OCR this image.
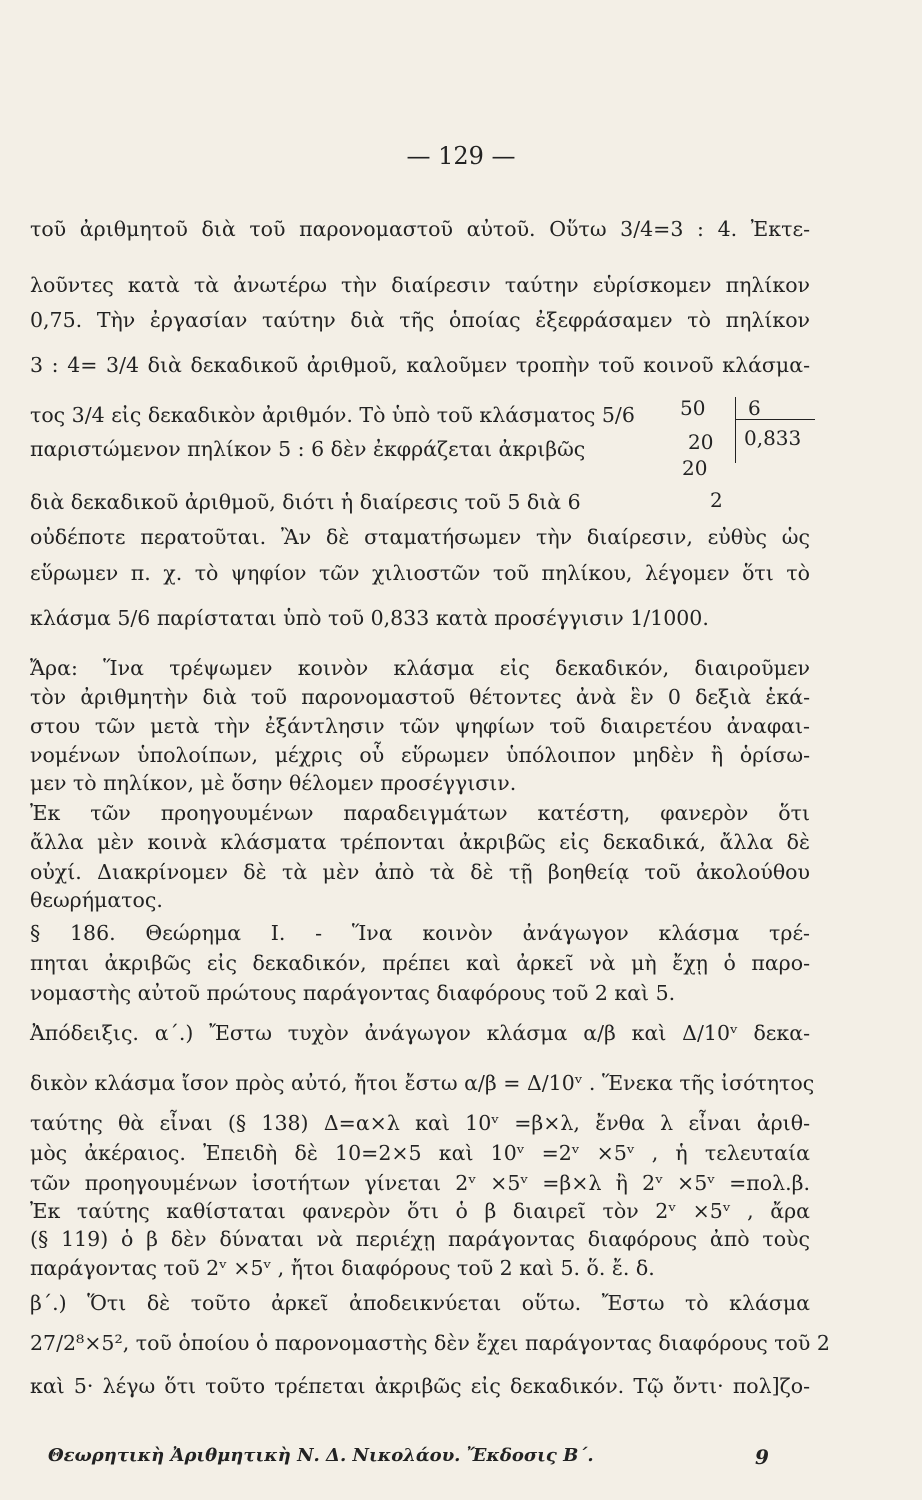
— 129 —
τοῦ ἀριθμητοῦ διὰ τοῦ παρονομαστοῦ αὐτοῦ. Οὕτω 3/4=3 : 4. Ἐκτε-
λοῦντες κατὰ τὰ ἀνωτέρω τὴν διαίρεσιν ταύτην εὑρίσκομεν πηλίκον
0,75. Τὴν ἐργασίαν ταύτην διὰ τῆς ὁποίας ἐξεφράσαμεν τὸ πηλίκον
3 : 4= 3/4 διὰ δεκαδικοῦ ἀριθμοῦ, καλοῦμεν τροπὴν τοῦ κοινοῦ κλάσμα-
τος 3/4 εἰς δεκαδικὸν ἀριθμόν. Τὸ ὑπὸ τοῦ κλάσματος 5/6
παριστώμενον πηλίκον 5 : 6 δὲν ἐκφράζεται ἀκριβῶς
διὰ δεκαδικοῦ ἀριθμοῦ, διότι ἡ διαίρεσις τοῦ 5 διὰ 6
οὐδέποτε περατοῦται. Ἂν δὲ σταματήσωμεν τὴν διαίρεσιν, εὐθὺς ὡς
εὕρωμεν π. χ. τὸ ψηφίον τῶν χιλιοστῶν τοῦ πηλίκου, λέγομεν ὅτι τὸ
κλάσμα 5/6 παρίσταται ὑπὸ τοῦ 0,833 κατὰ προσέγγισιν 1/1000.
Ἄρα: Ἵνα τρέψωμεν κοινὸν κλάσμα εἰς δεκαδικόν, διαιροῦμεν
τὸν ἀριθμητὴν διὰ τοῦ παρονομαστοῦ θέτοντες ἀνὰ ἓν 0 δεξιὰ ἑκά-
στου τῶν μετὰ τὴν ἐξάντλησιν τῶν ψηφίων τοῦ διαιρετέου ἀναφαι-
νομένων ὑπολοίπων, μέχρις οὗ εὕρωμεν ὑπόλοιπον μηδὲν ἢ ὁρίσω-
μεν τὸ πηλίκον, μὲ ὅσην θέλομεν προσέγγισιν.
Ἐκ τῶν προηγουμένων παραδειγμάτων κατέστη, φανερὸν ὅτι
ἄλλα μὲν κοινὰ κλάσματα τρέπονται ἀκριβῶς εἰς δεκαδικά, ἄλλα δὲ
οὐχί. Διακρίνομεν δὲ τὰ μὲν ἀπὸ τὰ δὲ τῇ βοηθείᾳ τοῦ ἀκολούθου
θεωρήματος.
§ 186. Θεώρημα Ι. - Ἵνα κοινὸν ἀνάγωγον κλάσμα τρέ-
πηται ἀκριβῶς εἰς δεκαδικόν, πρέπει καὶ ἀρκεῖ νὰ μὴ ἔχῃ ὁ παρο-
νομαστὴς αὐτοῦ πρώτους παράγοντας διαφόρους τοῦ 2 καὶ 5.
Ἀπόδειξις. α΄.) Ἔστω τυχὸν ἀνάγωγον κλάσμα α/β καὶ Δ/10ᵛ δεκα-
δικὸν κλάσμα ἴσον πρὸς αὐτό, ἤτοι ἔστω α/β = Δ/10ᵛ . Ἕνεκα τῆς ἰσότητος
ταύτης θὰ εἶναι (§ 138) Δ=α×λ καὶ 10ᵛ =β×λ, ἔνθα λ εἶναι ἀριθ-
μὸς ἀκέραιος. Ἐπειδὴ δὲ 10=2×5 καὶ 10ᵛ =2ᵛ ×5ᵛ , ἡ τελευταία
τῶν προηγουμένων ἰσοτήτων γίνεται 2ᵛ ×5ᵛ =β×λ ἢ 2ᵛ ×5ᵛ =πολ.β.
Ἐκ ταύτης καθίσταται φανερὸν ὅτι ὁ β διαιρεῖ τὸν 2ᵛ ×5ᵛ , ἄρα
(§ 119) ὁ β δὲν δύναται νὰ περιέχῃ παράγοντας διαφόρους ἀπὸ τοὺς
παράγοντας τοῦ 2ᵛ ×5ᵛ , ἤτοι διαφόρους τοῦ 2 καὶ 5. ὅ. ἔ. δ.
β΄.) Ὅτι δὲ τοῦτο ἀρκεῖ ἀποδεικνύεται οὕτω. Ἔστω τὸ κλάσμα
27/2⁸×5², τοῦ ὁποίου ὁ παρονομαστὴς δὲν ἔχει παράγοντας διαφόρους τοῦ 2
καὶ 5· λέγω ὅτι τοῦτο τρέπεται ἀκριβῶς εἰς δεκαδικόν. Τῷ ὄντι· πολ]ζο-
50 6
20 0,833
20
2
Θεωρητικὴ Ἀριθμητικὴ Ν. Δ. Νικολάου. Ἔκδοσις Β΄.	9
